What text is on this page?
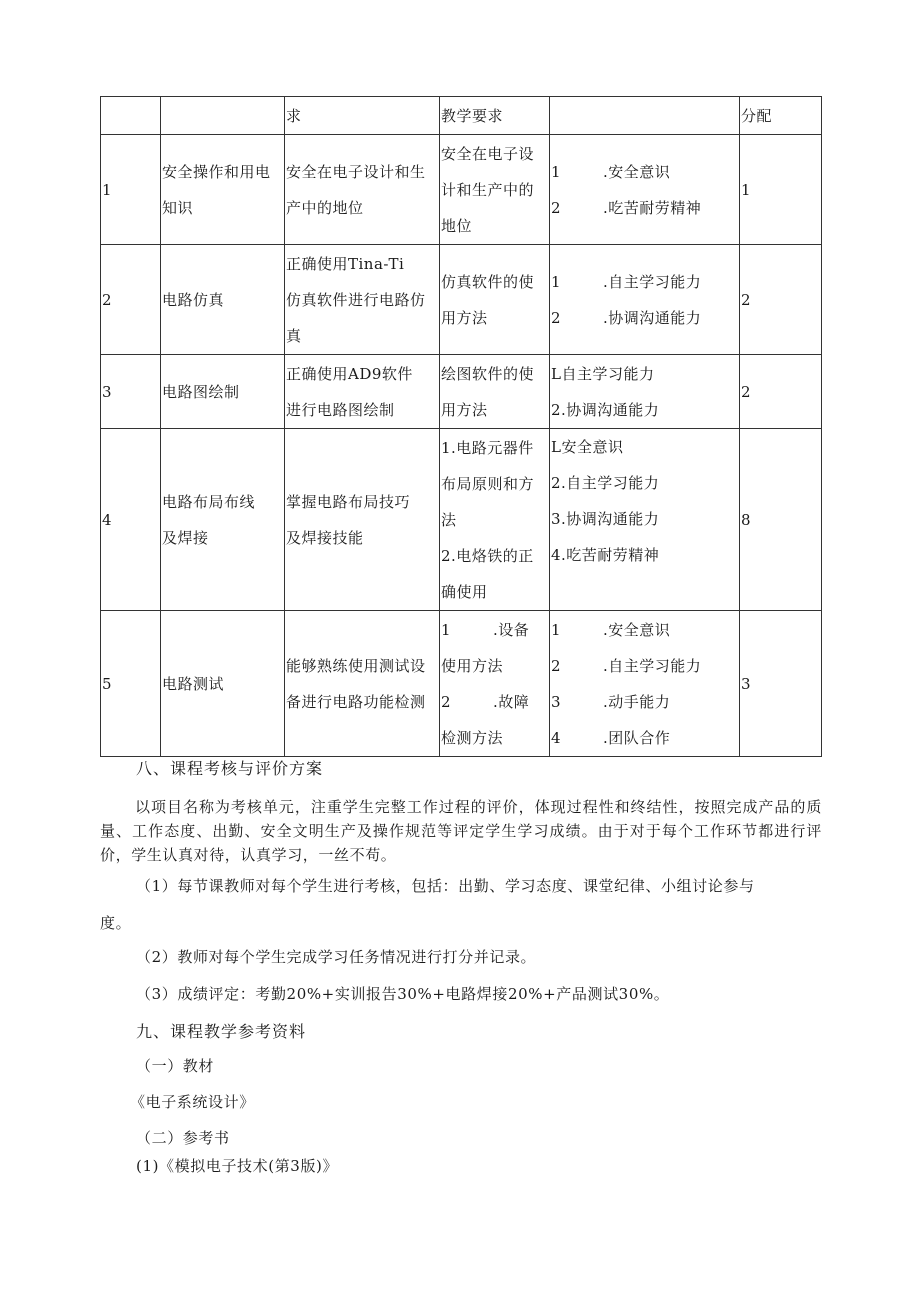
		求	教学要求		分配
1	安全操作和用电
知识	安全在电子设计和生
产中的地位	安全在电子设
计和生产中的
地位	1 .安全意识
2 .吃苦耐劳精神	1
2	电路仿真	正确使用Tina-Ti
仿真软件进行电路仿
真	仿真软件的使
用方法	1 .自主学习能力
2 .协调沟通能力	2
3	电路图绘制	正确使用AD9软件
进行电路图绘制	绘图软件的使
用方法	L自主学习能力
2.协调沟通能力	2
4	电路布局布线
及焊接	掌握电路布局技巧
及焊接技能	1.电路元器件
布局原则和方
法
2.电烙铁的正
确使用	L安全意识
2.自主学习能力
3.协调沟通能力
4.吃苦耐劳精神	8
5	电路测试	能够熟练使用测试设
备进行电路功能检测	1 .设备
使用方法
2 .故障
检测方法	1 .安全意识
2 .自主学习能力
3 .动手能力
4 .团队合作	3

八、课程考核与评价方案

以项目名称为考核单元，注重学生完整工作过程的评价，体现过程性和终结性，按照完成产品的质量、工作态度、出勤、安全文明生产及操作规范等评定学生学习成绩。由于对于每个工作环节都进行评价，学生认真对待，认真学习，一丝不苟。

（1）每节课教师对每个学生进行考核，包括：出勤、学习态度、课堂纪律、小组讨论参与

度。

（2）教师对每个学生完成学习任务情况进行打分并记录。

（3）成绩评定：考勤20%+实训报告30%+电路焊接20%+产品测试30%。

九、课程教学参考资料

（一）教材

《电子系统设计》

（二）参考书

(1)《模拟电子技术(第3版)》
